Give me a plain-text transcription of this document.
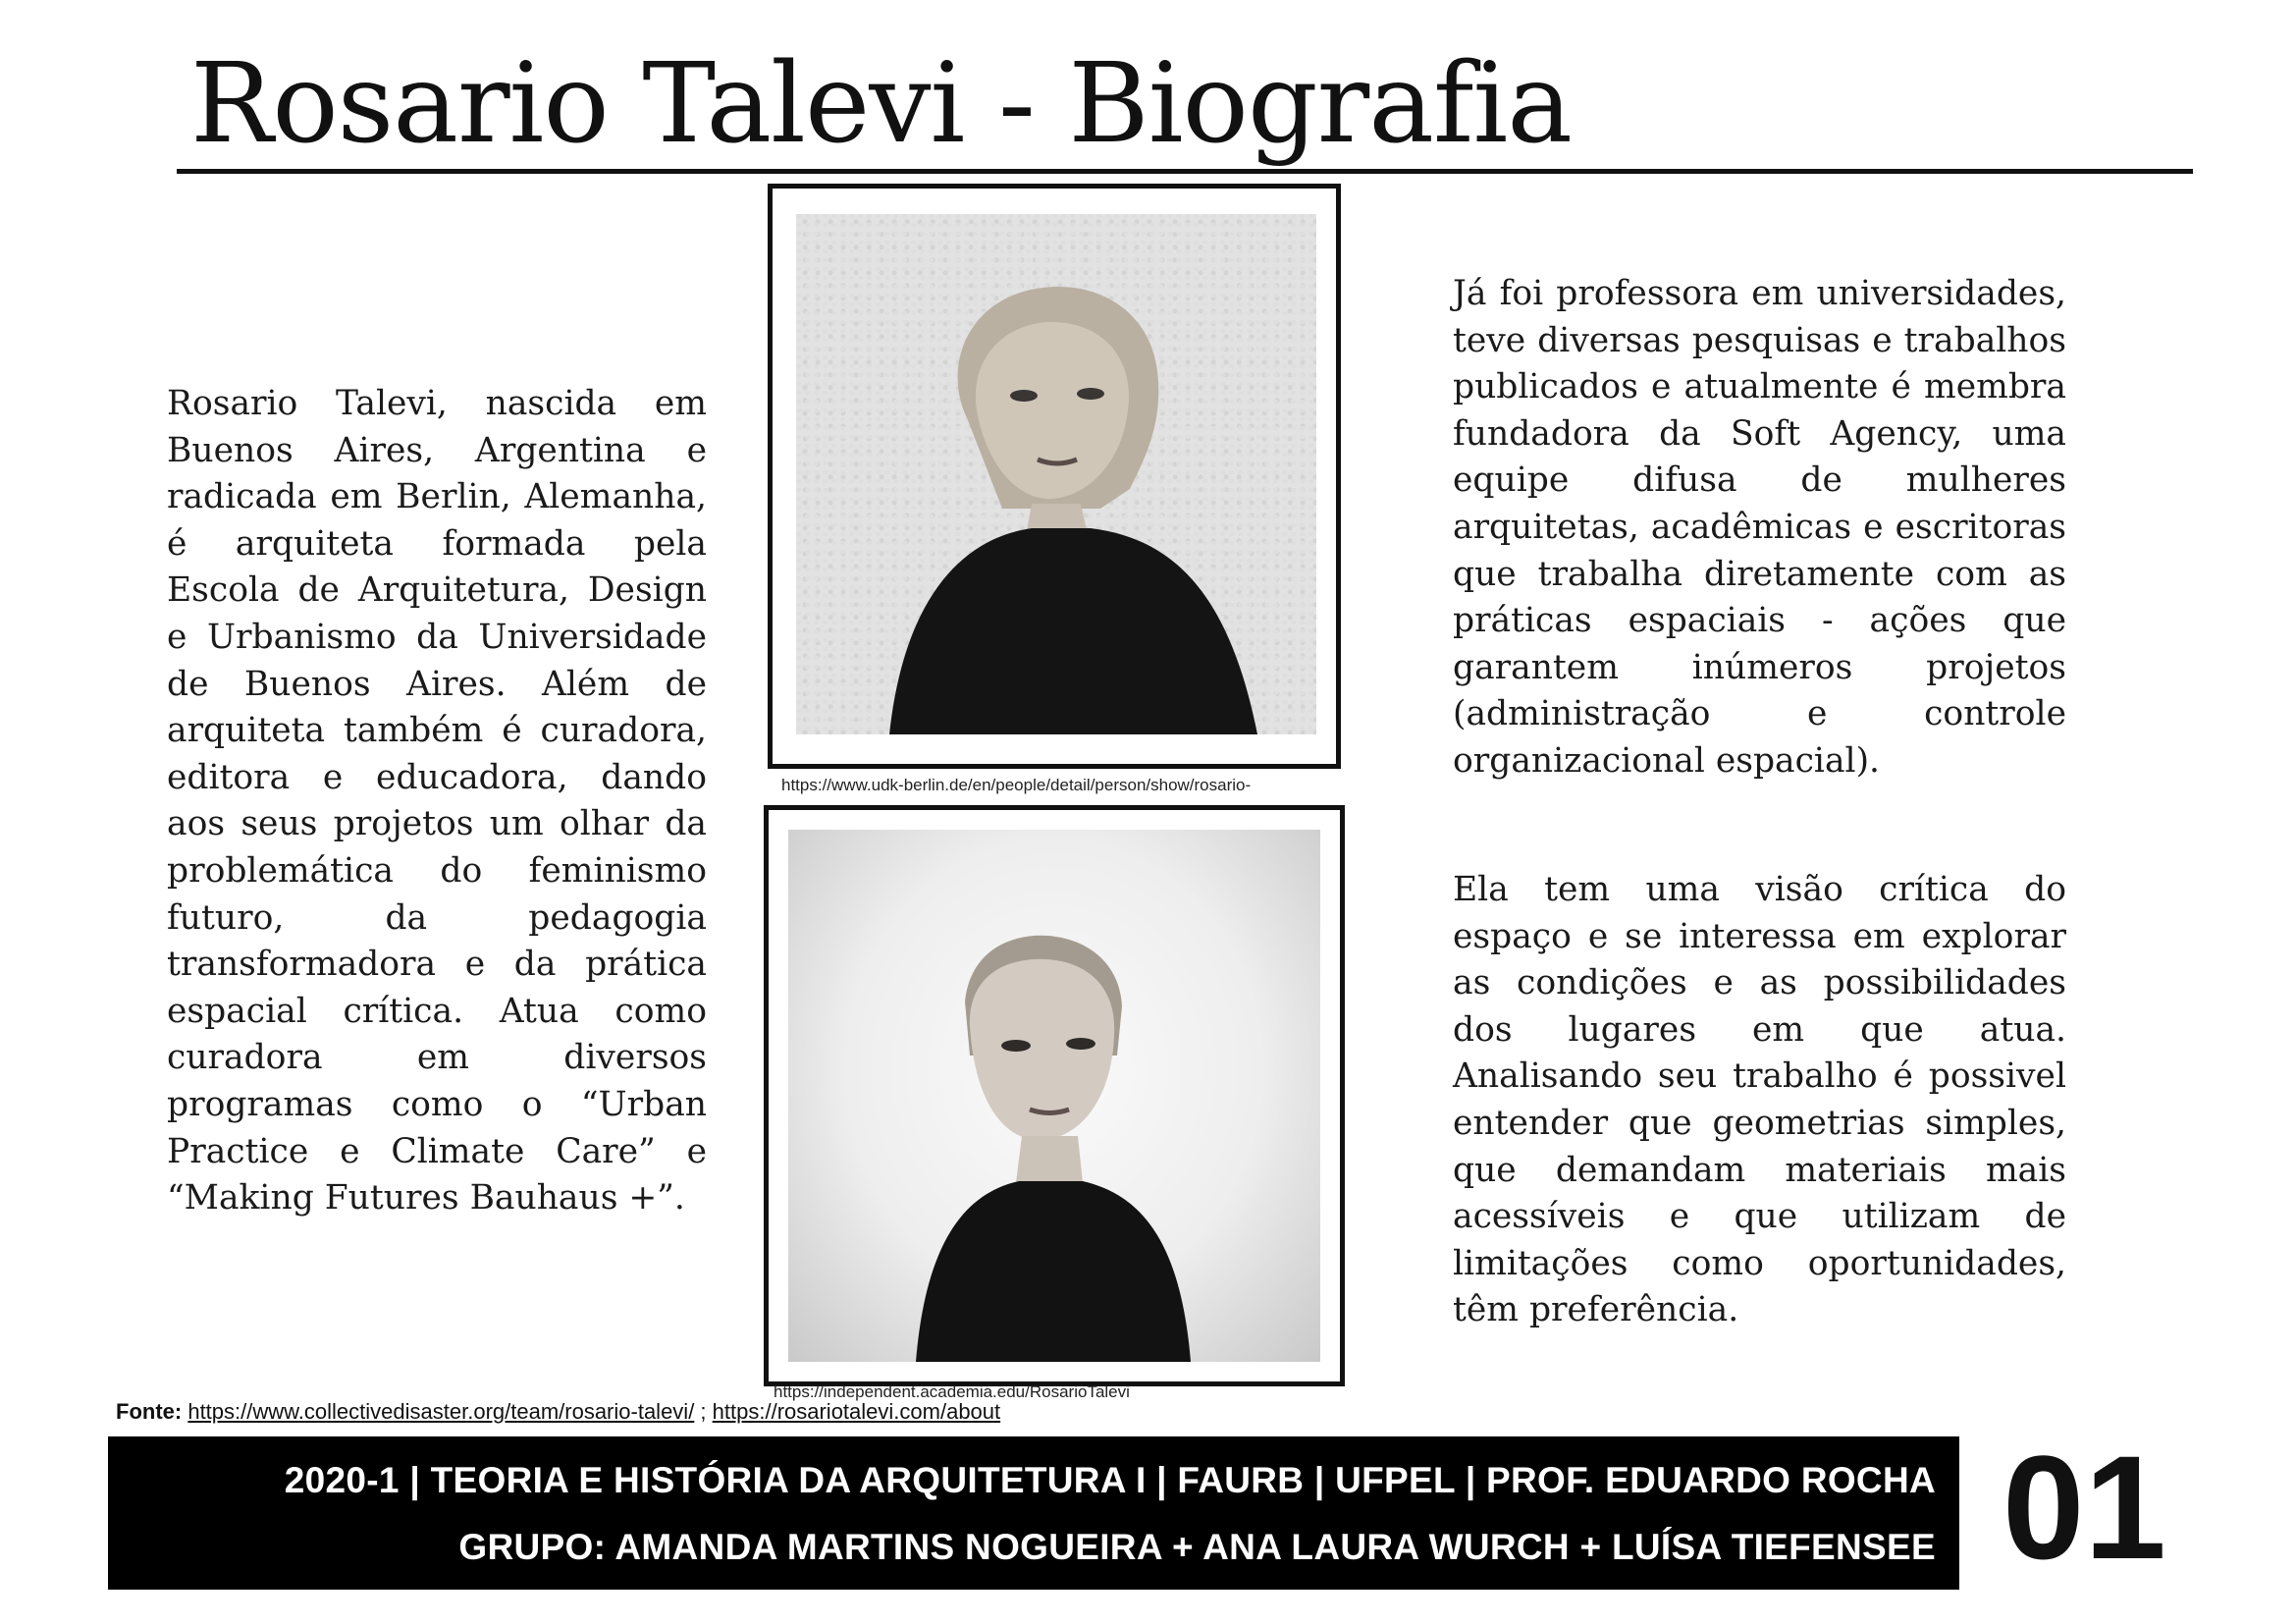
Rosario Talevi - Biografia
Rosario Talevi, nascida em Buenos Aires, Argentina e radicada em Berlin, Alemanha, é arquiteta formada pela Escola de Arquitetura, Design e Urbanismo da Universidade de Buenos Aires. Além de arquiteta também é curadora, editora e educadora, dando aos seus projetos um olhar da problemática do feminismo futuro, da pedagogia transformadora e da prática espacial crítica. Atua como curadora em diversos programas como o “Urban Practice e Climate Care” e “Making Futures Bauhaus +”.
https://www.udk-berlin.de/en/people/detail/person/show/rosario-
https://independent.academia.edu/RosarioTalevi
Já foi professora em universidades, teve diversas pesquisas e trabalhos publicados e atualmente é membra fundadora da Soft Agency, uma equipe difusa de mulheres arquitetas, acadêmicas e escritoras que trabalha diretamente com as práticas espaciais - ações que garantem inúmeros projetos (administração e controle organizacional espacial).
Ela tem uma visão crítica do espaço e se interessa em explorar as condições e as possibilidades dos lugares em que atua. Analisando seu trabalho é possivel entender que geometrias simples, que demandam materiais mais acessíveis e que utilizam de limitações como oportunidades, têm preferência.
Fonte: https://www.collectivedisaster.org/team/rosario-talevi/ ; https://rosariotalevi.com/about
2020-1 | TEORIA E HISTÓRIA DA ARQUITETURA I | FAURB | UFPEL | PROF. EDUARDO ROCHA
GRUPO: AMANDA MARTINS NOGUEIRA + ANA LAURA WURCH + LUÍSA TIEFENSEE 01
